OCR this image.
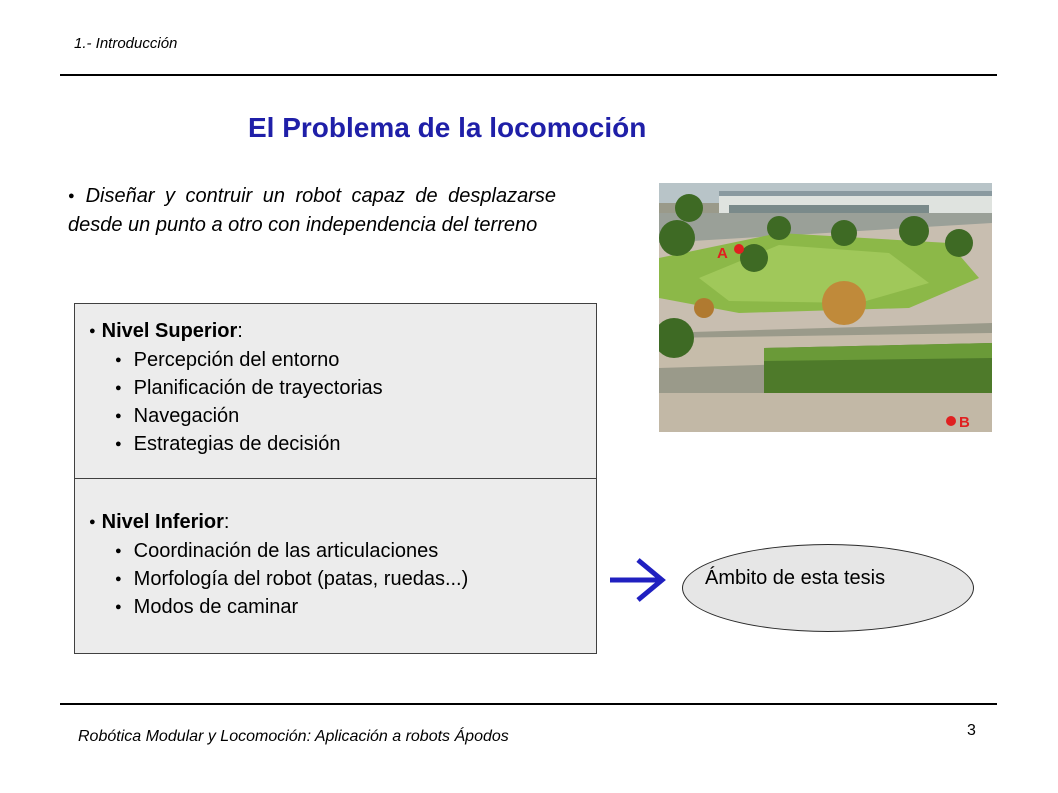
1.- Introducción
El Problema de la locomoción
● Diseñar y contruir un robot capaz de desplazarse desde un punto a otro con independencia del terreno
● Nivel Superior:
● Percepción del entorno
● Planificación de trayectorias
● Navegación
● Estrategias de decisión
● Nivel Inferior:
● Coordinación de las articulaciones
● Morfología del robot (patas, ruedas...)
● Modos de caminar
A
B
Ámbito de esta tesis
Robótica Modular y Locomoción: Aplicación a robots Ápodos	3
